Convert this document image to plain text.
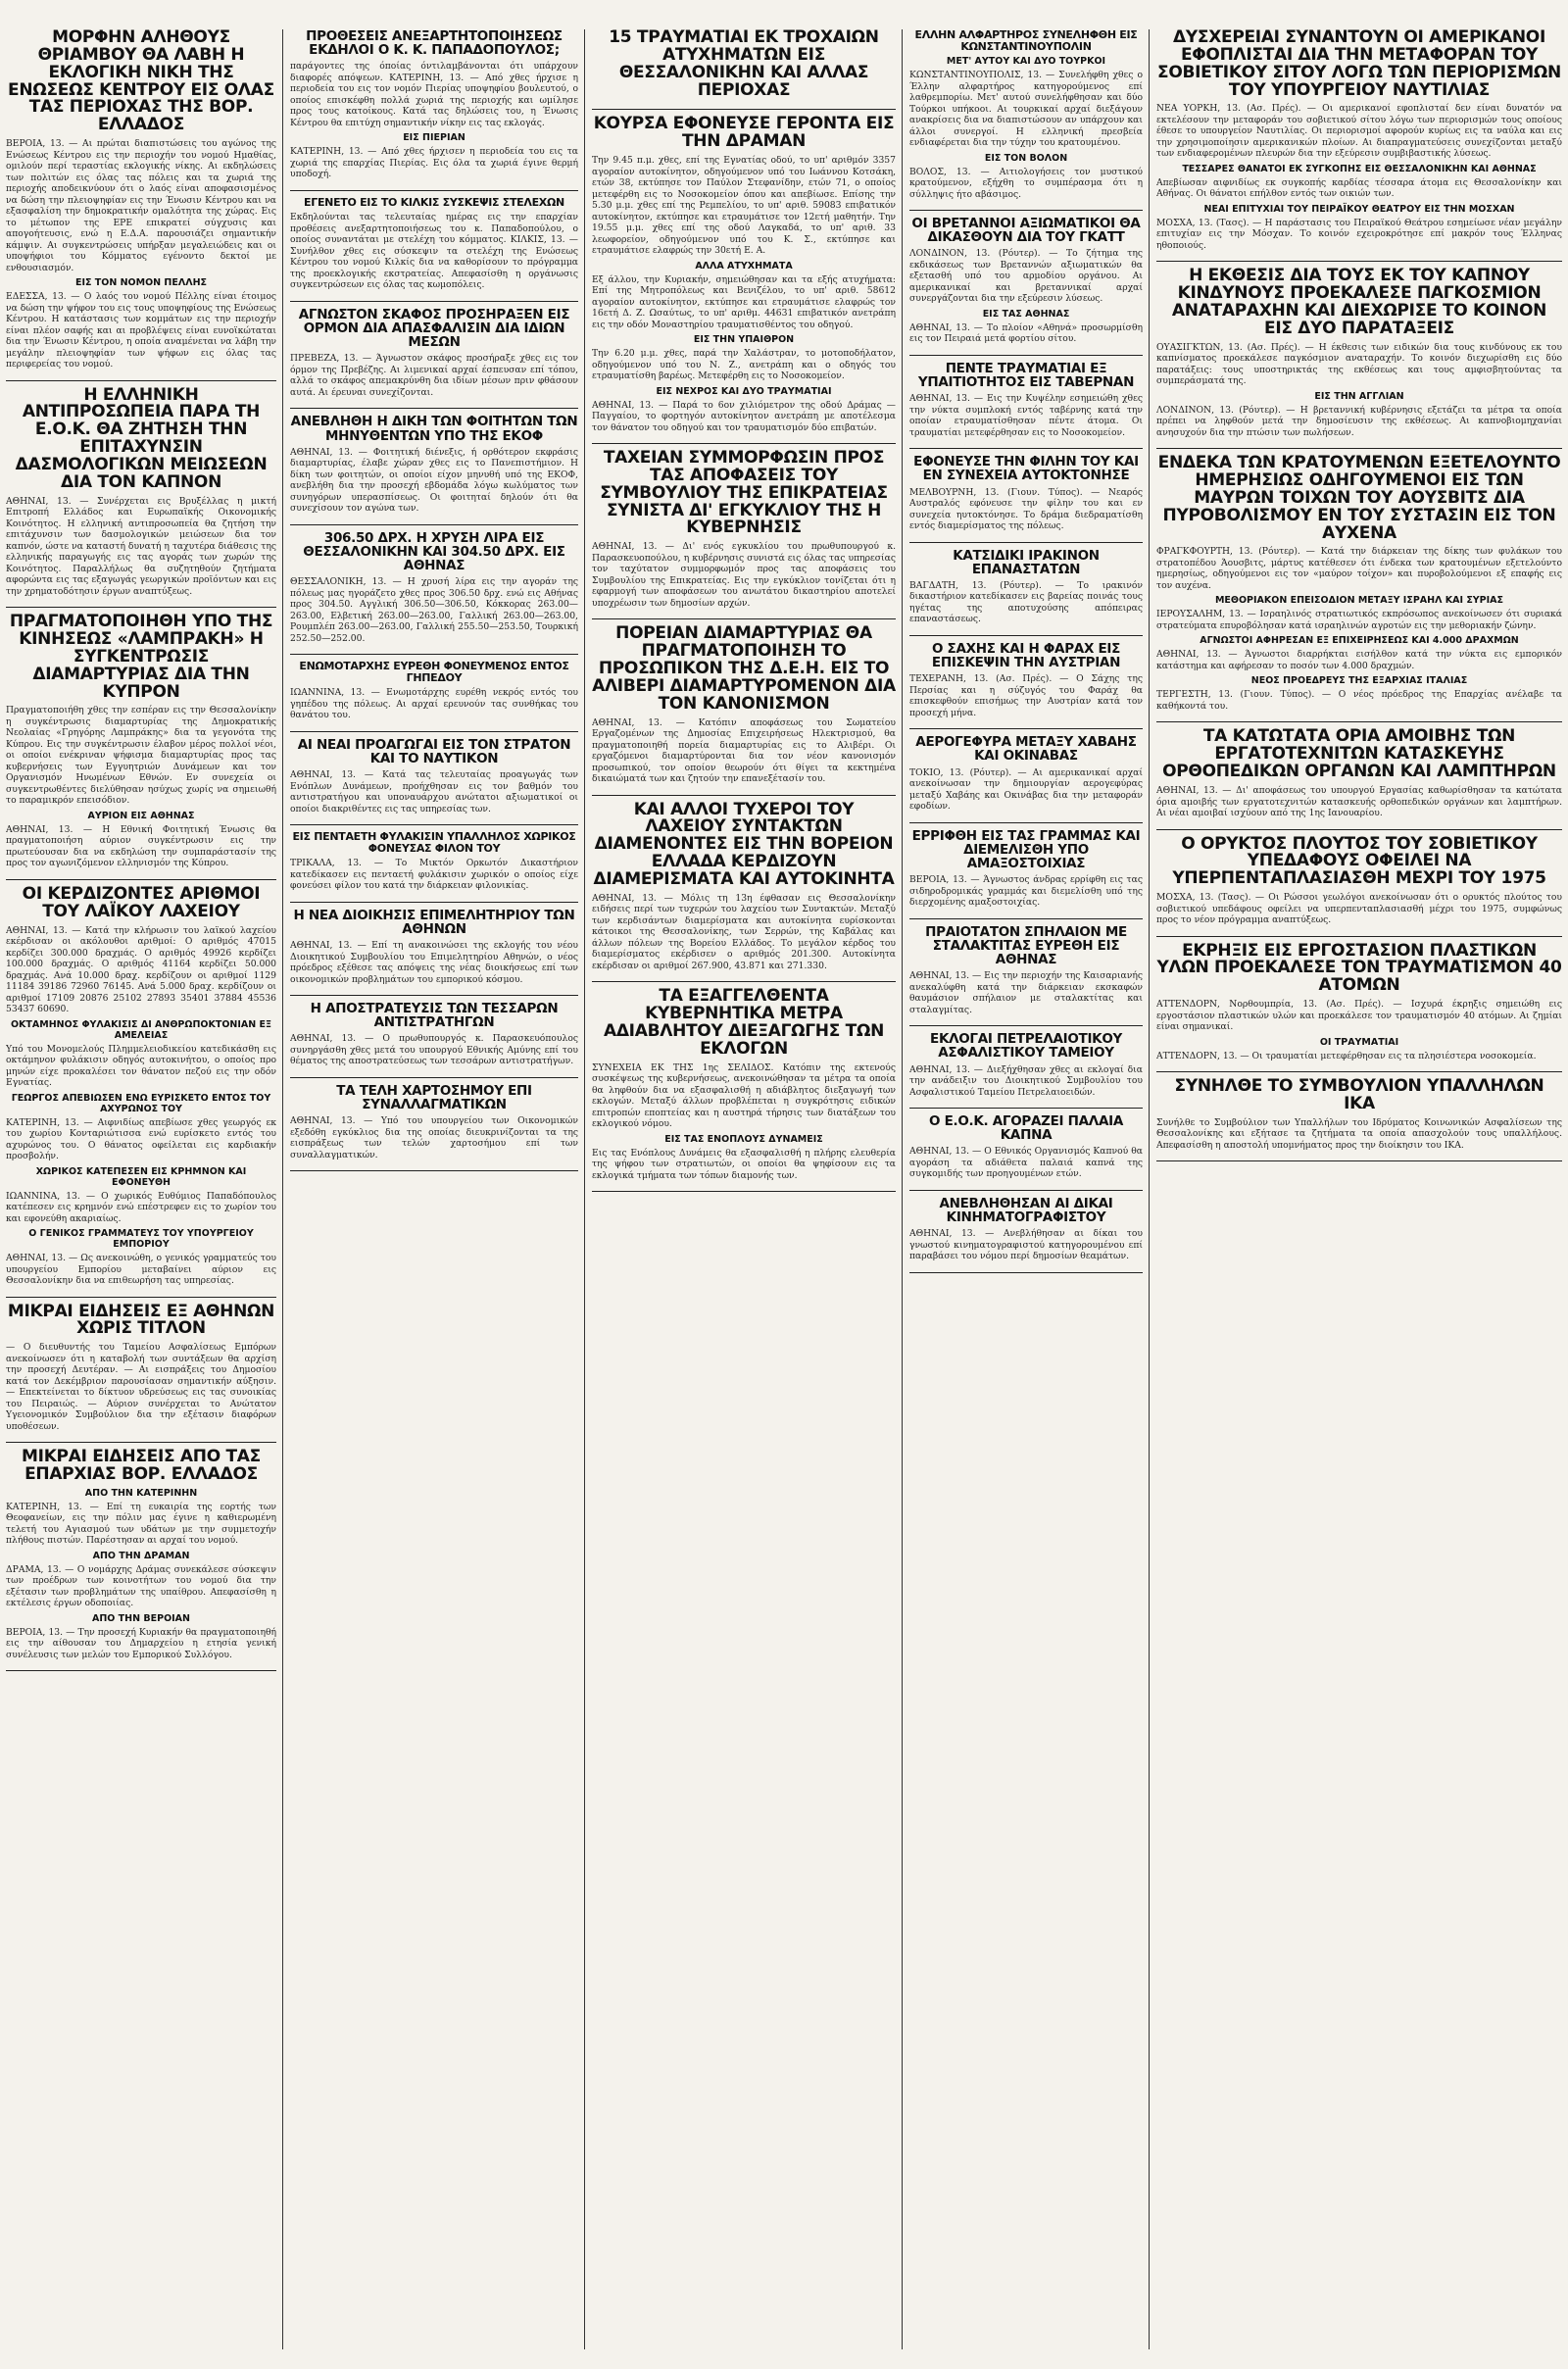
ΜΟΡΦΗΝ ΑΛΗΘΟΥΣ ΘΡΙΑΜΒΟΥ ΘΑ ΛΑΒΗ Η ΕΚΛΟΓΙΚΗ ΝΙΚΗ ΤΗΣ ΕΝΩΣΕΩΣ ΚΕΝΤΡΟΥ ΕΙΣ ΟΛΑΣ ΤΑΣ ΠΕΡΙΟΧΑΣ ΤΗΣ ΒΟΡ. ΕΛΛΑΔΟΣ

ΒΕΡΟΙΑ, 13. — Αι πρώται διαπιστώσεις του αγώνος της Ενώσεως Κέντρου εις την περιοχήν του νομού Ημαθίας, ομιλούν περί τεραστίας εκλογικής νίκης. Αι εκδηλώσεις των πολιτών εις όλας τας πόλεις και τα χωριά της περιοχής αποδεικνύουν ότι ο λαός είναι αποφασισμένος να δώση την πλειοψηφίαν εις την Ένωσιν Κέντρου και να εξασφαλίση την δημοκρατικήν ομαλότητα της χώρας. Εις το μέτωπον της ΕΡΕ επικρατεί σύγχυσις και απογοήτευσις, ενώ η Ε.Δ.Α. παρουσιάζει σημαντικήν κάμψιν. Αι συγκεντρώσεις υπήρξαν μεγαλειώδεις και οι υποψήφιοι του Κόμματος εγένοντο δεκτοί με ενθουσιασμόν.

ΕΙΣ ΤΟΝ ΝΟΜΟΝ ΠΕΛΛΗΣ

ΕΔΕΣΣΑ, 13. — Ο λαός του νομού Πέλλης είναι έτοιμος να δώση την ψήφον του εις τους υποψηφίους της Ενώσεως Κέντρου. Η κατάστασις των κομμάτων εις την περιοχήν είναι πλέον σαφής και αι προβλέψεις είναι ευνοϊκώταται δια την Ένωσιν Κέντρου, η οποία αναμένεται να λάβη την μεγάλην πλειοψηφίαν των ψήφων εις όλας τας περιφερείας του νομού.

Η ΕΛΛΗΝΙΚΗ ΑΝΤΙΠΡΟΣΩΠΕΙΑ ΠΑΡΑ ΤΗ Ε.Ο.Κ. ΘΑ ΖΗΤΗΣΗ ΤΗΝ ΕΠΙΤΑΧΥΝΣΙΝ ΔΑΣΜΟΛΟΓΙΚΩΝ ΜΕΙΩΣΕΩΝ ΔΙΑ ΤΟΝ ΚΑΠΝΟΝ

ΑΘΗΝΑΙ, 13. — Συνέρχεται εις Βρυξέλλας η μικτή Επιτροπή Ελλάδος και Ευρωπαϊκής Οικονομικής Κοινότητος. Η ελληνική αντιπροσωπεία θα ζητήση την επιτάχυνσιν των δασμολογικών μειώσεων δια τον καπνόν, ώστε να καταστή δυνατή η ταχυτέρα διάθεσις της ελληνικής παραγωγής εις τας αγοράς των χωρών της Κοινότητος. Παραλλήλως θα συζητηθούν ζητήματα αφορώντα εις τας εξαγωγάς γεωργικών προϊόντων και εις την χρηματοδότησιν έργων αναπτύξεως.

ΠΡΑΓΜΑΤΟΠΟΙΗΘΗ ΥΠΟ ΤΗΣ ΚΙΝΗΣΕΩΣ «ΛΑΜΠΡΑΚΗ» Η ΣΥΓΚΕΝΤΡΩΣΙΣ ΔΙΑΜΑΡΤΥΡΙΑΣ ΔΙΑ ΤΗΝ ΚΥΠΡΟΝ

Πραγματοποιήθη χθες την εσπέραν εις την Θεσσαλονίκην η συγκέντρωσις διαμαρτυρίας της Δημοκρατικής Νεολαίας «Γρηγόρης Λαμπράκης» δια τα γεγονότα της Κύπρου. Εις την συγκέντρωσιν έλαβον μέρος πολλοί νέοι, οι οποίοι ενέκριναν ψήφισμα διαμαρτυρίας προς τας κυβερνήσεις των Εγγυητριών Δυνάμεων και τον Οργανισμόν Ηνωμένων Εθνών. Εν συνεχεία οι συγκεντρωθέντες διελύθησαν ησύχως χωρίς να σημειωθή το παραμικρόν επεισόδιον.

ΑΥΡΙΟΝ ΕΙΣ ΑΘΗΝΑΣ

ΑΘΗΝΑΙ, 13. — Η Εθνική Φοιτητική Ένωσις θα πραγματοποιήση αύριον συγκέντρωσιν εις την πρωτεύουσαν δια να εκδηλώση την συμπαράστασίν της προς τον αγωνιζόμενον ελληνισμόν της Κύπρου.

ΟΙ ΚΕΡΔΙΖΟΝΤΕΣ ΑΡΙΘΜΟΙ ΤΟΥ ΛΑΪΚΟΥ ΛΑΧΕΙΟΥ

ΑΘΗΝΑΙ, 13. — Κατά την κλήρωσιν του λαϊκού λαχείου εκέρδισαν οι ακόλουθοι αριθμοί: Ο αριθμός 47015 κερδίζει 300.000 δραχμάς. Ο αριθμός 49926 κερδίζει 100.000 δραχμάς. Ο αριθμός 41164 κερδίζει 50.000 δραχμάς. Ανά 10.000 δραχ. κερδίζουν οι αριθμοί 1129 11184 39186 72960 76145. Ανά 5.000 δραχ. κερδίζουν οι αριθμοί 17109 20876 25102 27893 35401 37884 45536 53437 60690.

ΟΚΤΑΜΗΝΟΣ ΦΥΛΑΚΙΣΙΣ ΔΙ ΑΝΘΡΩΠΟΚΤΟΝΙΑΝ ΕΞ ΑΜΕΛΕΙΑΣ

Υπό του Μονομελούς Πλημμελειοδικείου κατεδικάσθη εις οκτάμηνον φυλάκισιν οδηγός αυτοκινήτου, ο οποίος προ μηνών είχε προκαλέσει τον θάνατον πεζού εις την οδόν Εγνατίας.

ΓΕΩΡΓΟΣ ΑΠΕΒΙΩΣΕΝ ΕΝΩ ΕΥΡΙΣΚΕΤΟ ΕΝΤΟΣ ΤΟΥ ΑΧΥΡΩΝΟΣ ΤΟΥ

ΚΑΤΕΡΙΝΗ, 13. — Αιφνιδίως απεβίωσε χθες γεωργός εκ του χωρίου Κονταριώτισσα ενώ ευρίσκετο εντός του αχυρώνος του. Ο θάνατος οφείλεται εις καρδιακήν προσβολήν.

ΧΩΡΙΚΟΣ ΚΑΤΕΠΕΣΕΝ ΕΙΣ ΚΡΗΜΝΟΝ ΚΑΙ ΕΦΟΝΕΥΘΗ

ΙΩΑΝΝΙΝΑ, 13. — Ο χωρικός Ευθύμιος Παπαδόπουλος κατέπεσεν εις κρημνόν ενώ επέστρεφεν εις το χωρίον του και εφονεύθη ακαριαίως.

Ο ΓΕΝΙΚΟΣ ΓΡΑΜΜΑΤΕΥΣ ΤΟΥ ΥΠΟΥΡΓΕΙΟΥ ΕΜΠΟΡΙΟΥ

ΑΘΗΝΑΙ, 13. — Ως ανεκοινώθη, ο γενικός γραμματεύς του υπουργείου Εμπορίου μεταβαίνει αύριον εις Θεσσαλονίκην δια να επιθεωρήση τας υπηρεσίας.

ΜΙΚΡΑΙ ΕΙΔΗΣΕΙΣ ΕΞ ΑΘΗΝΩΝ ΧΩΡΙΣ ΤΙΤΛΟΝ

— Ο διευθυντής του Ταμείου Ασφαλίσεως Εμπόρων ανεκοίνωσεν ότι η καταβολή των συντάξεων θα αρχίση την προσεχή Δευτέραν. — Αι εισπράξεις του Δημοσίου κατά τον Δεκέμβριον παρουσίασαν σημαντικήν αύξησιν. — Επεκτείνεται το δίκτυον υδρεύσεως εις τας συνοικίας του Πειραιώς. — Αύριον συνέρχεται το Ανώτατον Υγειονομικόν Συμβούλιον δια την εξέτασιν διαφόρων υποθέσεων.

ΜΙΚΡΑΙ ΕΙΔΗΣΕΙΣ ΑΠΟ ΤΑΣ ΕΠΑΡΧΙΑΣ ΒΟΡ. ΕΛΛΑΔΟΣ
ΑΠΟ ΤΗΝ ΚΑΤΕΡΙΝΗΝ

ΚΑΤΕΡΙΝΗ, 13. — Επί τη ευκαιρία της εορτής των Θεοφανείων, εις την πόλιν μας έγινε η καθιερωμένη τελετή του Αγιασμού των υδάτων με την συμμετοχήν πλήθους πιστών. Παρέστησαν αι αρχαί του νομού.

ΑΠΟ ΤΗΝ ΔΡΑΜΑΝ

ΔΡΑΜΑ, 13. — Ο νομάρχης Δράμας συνεκάλεσε σύσκεψιν των προέδρων των κοινοτήτων του νομού δια την εξέτασιν των προβλημάτων της υπαίθρου. Απεφασίσθη η εκτέλεσις έργων οδοποιίας.

ΑΠΟ ΤΗΝ ΒΕΡΟΙΑΝ

ΒΕΡΟΙΑ, 13. — Την προσεχή Κυριακήν θα πραγματοποιηθή εις την αίθουσαν του Δημαρχείου η ετησία γενική συνέλευσις των μελών του Εμπορικού Συλλόγου.

ΠΡΟΘΕΣΕΙΣ ΑΝΕΞΑΡΤΗΤΟΠΟΙΗΣΕΩΣ ΕΚΔΗΛΟΙ Ο Κ. Κ. ΠΑΠΑΔΟΠΟΥΛΟΣ;

παράγοντες της όποίας όντιλαμβάνονται ότι υπάρχουν διαφορές απόψεων. ΚΑΤΕΡΙΝΗ, 13. — Από χθες ήρχισε η περιοδεία του εις τον νομόν Πιερίας υποψηφίου βουλευτού, ο οποίος επισκέφθη πολλά χωριά της περιοχής και ωμίλησε προς τους κατοίκους. Κατά τας δηλώσεις του, η Ένωσις Κέντρου θα επιτύχη σημαντικήν νίκην εις τας εκλογάς.

ΕΙΣ ΠΙΕΡΙΑΝ

ΚΑΤΕΡΙΝΗ, 13. — Από χθες ήρχισεν η περιοδεία του εις τα χωριά της επαρχίας Πιερίας. Εις όλα τα χωριά έγινε θερμή υποδοχή.

ΕΓΕΝΕΤΟ ΕΙΣ ΤΟ ΚΙΛΚΙΣ ΣΥΣΚΕΨΙΣ ΣΤΕΛΕΧΩΝ

Εκδηλούνται τας τελευταίας ημέρας εις την επαρχίαν προθέσεις ανεξαρτητοποιήσεως του κ. Παπαδοπούλου, ο οποίος συναντάται με στελέχη του κόμματος. ΚΙΛΚΙΣ, 13. — Συνήλθον χθες εις σύσκεψιν τα στελέχη της Ενώσεως Κέντρου του νομού Κιλκίς δια να καθορίσουν το πρόγραμμα της προεκλογικής εκστρατείας. Απεφασίσθη η οργάνωσις συγκεντρώσεων εις όλας τας κωμοπόλεις.

ΑΓΝΩΣΤΟΝ ΣΚΑΦΟΣ ΠΡΟΣΗΡΑΞΕΝ ΕΙΣ ΟΡΜΟΝ ΔΙΑ ΑΠΑΣΦΑΛΙΣΙΝ ΔΙΑ ΙΔΙΩΝ ΜΕΣΩΝ

ΠΡΕΒΕΖΑ, 13. — Άγνωστον σκάφος προσήραξε χθες εις τον όρμον της Πρεβέζης. Αι λιμενικαί αρχαί έσπευσαν επί τόπου, αλλά το σκάφος απεμακρύνθη δια ιδίων μέσων πριν φθάσουν αυτά. Αι έρευναι συνεχίζονται.

ΑΝΕΒΛΗΘΗ Η ΔΙΚΗ ΤΩΝ ΦΟΙΤΗΤΩΝ ΤΩΝ ΜΗΝΥΘΕΝΤΩΝ ΥΠΟ ΤΗΣ ΕΚΟΦ

ΑΘΗΝΑΙ, 13. — Φοιτητική διένεξις, ή ορθότερον εκφράσις διαμαρτυρίας, έλαβε χώραν χθες εις το Πανεπιστήμιον. Η δίκη των φοιτητών, οι οποίοι είχον μηνυθή υπό της ΕΚΟΦ, ανεβλήθη δια την προσεχή εβδομάδα λόγω κωλύματος των συνηγόρων υπερασπίσεως. Οι φοιτηταί δηλούν ότι θα συνεχίσουν τον αγώνα των.

306.50 ΔΡΧ. Η ΧΡΥΣΗ ΛΙΡΑ ΕΙΣ ΘΕΣΣΑΛΟΝΙΚΗΝ ΚΑΙ 304.50 ΔΡΧ. ΕΙΣ ΑΘΗΝΑΣ

ΘΕΣΣΑΛΟΝΙΚΗ, 13. — Η χρυσή λίρα εις την αγοράν της πόλεως μας ηγοράζετο χθες προς 306.50 δρχ. ενώ εις Αθήνας προς 304.50. Αγγλική 306.50—306.50, Κόκκορας 263.00—263.00, Ελβετική 263.00—263.00, Γαλλική 263.00—263.00, Ρουμπλέπ 263.00—263.00, Γαλλική 255.50—253.50, Τουρκική 252.50—252.00.

ΕΝΩΜΟΤΑΡΧΗΣ ΕΥΡΕΘΗ ΦΟΝΕΥΜΕΝΟΣ ΕΝΤΟΣ ΓΗΠΕΔΟΥ

ΙΩΑΝΝΙΝΑ, 13. — Ενωμοτάρχης ευρέθη νεκρός εντός του γηπέδου της πόλεως. Αι αρχαί ερευνούν τας συνθήκας του θανάτου του.

ΑΙ ΝΕΑΙ ΠΡΟΑΓΩΓΑΙ ΕΙΣ ΤΟΝ ΣΤΡΑΤΟΝ ΚΑΙ ΤΟ ΝΑΥΤΙΚΟΝ

ΑΘΗΝΑΙ, 13. — Κατά τας τελευταίας προαγωγάς των Ενόπλων Δυνάμεων, προήχθησαν εις τον βαθμόν του αντιστρατήγου και υποναυάρχου ανώτατοι αξιωματικοί οι οποίοι διακριθέντες εις τας υπηρεσίας των.

ΕΙΣ ΠΕΝΤΑΕΤΗ ΦΥΛΑΚΙΣΙΝ ΥΠΑΛΛΗΛΟΣ ΧΩΡΙΚΟΣ ΦΟΝΕΥΣΑΣ ΦΙΛΟΝ ΤΟΥ

ΤΡΙΚΑΛΑ, 13. — Το Μικτόν Ορκωτόν Δικαστήριον κατεδίκασεν εις πενταετή φυλάκισιν χωρικόν ο οποίος είχε φονεύσει φίλον του κατά την διάρκειαν φιλονικίας.

Η ΝΕΑ ΔΙΟΙΚΗΣΙΣ ΕΠΙΜΕΛΗΤΗΡΙΟΥ ΤΩΝ ΑΘΗΝΩΝ

ΑΘΗΝΑΙ, 13. — Επί τη ανακοινώσει της εκλογής του νέου Διοικητικού Συμβουλίου του Επιμελητηρίου Αθηνών, ο νέος πρόεδρος εξέθεσε τας απόψεις της νέας διοικήσεως επί των οικονομικών προβλημάτων του εμπορικού κόσμου.

Η ΑΠΟΣΤΡΑΤΕΥΣΙΣ ΤΩΝ ΤΕΣΣΑΡΩΝ ΑΝΤΙΣΤΡΑΤΗΓΩΝ

ΑΘΗΝΑΙ, 13. — Ο πρωθυπουργός κ. Παρασκευόπουλος συνηργάσθη χθες μετά του υπουργού Εθνικής Αμύνης επί του θέματος της αποστρατεύσεως των τεσσάρων αντιστρατήγων.

ΤΑ ΤΕΛΗ ΧΑΡΤΟΣΗΜΟΥ ΕΠΙ ΣΥΝΑΛΛΑΓΜΑΤΙΚΩΝ

ΑΘΗΝΑΙ, 13. — Υπό του υπουργείου των Οικονομικών εξεδόθη εγκύκλιος δια της οποίας διευκρινίζονται τα της εισπράξεως των τελών χαρτοσήμου επί των συναλλαγματικών.

15 ΤΡΑΥΜΑΤΙΑΙ ΕΚ ΤΡΟΧΑΙΩΝ ΑΤΥΧΗΜΑΤΩΝ ΕΙΣ ΘΕΣΣΑΛΟΝΙΚΗΝ ΚΑΙ ΑΛΛΑΣ ΠΕΡΙΟΧΑΣ
ΚΟΥΡΣΑ ΕΦΟΝΕΥΣΕ ΓΕΡΟΝΤΑ ΕΙΣ ΤΗΝ ΔΡΑΜΑΝ

Την 9.45 π.μ. χθες, επί της Εγνατίας οδού, το υπ' αριθμόν 3357 αγοραίον αυτοκίνητον, οδηγούμενον υπό του Ιωάννου Κοτσάκη, ετών 38, εκτύπησε τον Παύλον Στεφανίδην, ετών 71, ο οποίος μετεφέρθη εις το Νοσοκομείον όπου και απεβίωσε. Επίσης την 5.30 μ.μ. χθες επί της Ρεμπελίου, το υπ' αριθ. 59083 επιβατικόν αυτοκίνητον, εκτύπησε και ετραυμάτισε τον 12ετή μαθητήν. Την 19.55 μ.μ. χθες επί της οδού Λαγκαδά, το υπ' αριθ. 33 λεωφορείον, οδηγούμενον υπό του Κ. Σ., εκτύπησε και ετραυμάτισε ελαφρώς την 30ετή Ε. Α.

ΑΛΛΑ ΑΤΥΧΗΜΑΤΑ

Εξ άλλου, την Κυριακήν, σημειώθησαν και τα εξής ατυχήματα: Επί της Μητροπόλεως και Βενιζέλου, το υπ' αριθ. 58612 αγοραίον αυτοκίνητον, εκτύπησε και ετραυμάτισε ελαφρώς τον 16ετή Δ. Ζ. Ωσαύτως, το υπ' αριθμ. 44631 επιβατικόν ανετράπη εις την οδόν Μοναστηρίου τραυματισθέντος του οδηγού.

ΕΙΣ ΤΗΝ ΥΠΑΙΘΡΟΝ

Την 6.20 μ.μ. χθες, παρά την Χαλάστραν, το μοτοποδήλατον, οδηγούμενον υπό του Ν. Ζ., ανετράπη και ο οδηγός του ετραυματίσθη βαρέως. Μετεφέρθη εις το Νοσοκομείον.

ΕΙΣ ΝΕΧΡΟΣ ΚΑΙ ΔΥΟ ΤΡΑΥΜΑΤΙΑΙ

ΑΘΗΝΑΙ, 13. — Παρά το 6ον χιλιόμετρον της οδού Δράμας — Παγγαίου, το φορτηγόν αυτοκίνητον ανετράπη με αποτέλεσμα τον θάνατον του οδηγού και τον τραυματισμόν δύο επιβατών.

ΤΑΧΕΙΑΝ ΣΥΜΜΟΡΦΩΣΙΝ ΠΡΟΣ ΤΑΣ ΑΠΟΦΑΣΕΙΣ ΤΟΥ ΣΥΜΒΟΥΛΙΟΥ ΤΗΣ ΕΠΙΚΡΑΤΕΙΑΣ ΣΥΝΙΣΤΑ ΔΙ' ΕΓΚΥΚΛΙΟΥ ΤΗΣ Η ΚΥΒΕΡΝΗΣΙΣ

ΑΘΗΝΑΙ, 13. — Δι' ενός εγκυκλίου του πρωθυπουργού κ. Παρασκευοπούλου, η κυβέρνησις συνιστά εις όλας τας υπηρεσίας τον ταχύτατον συμμορφωμόν προς τας αποφάσεις του Συμβουλίου της Επικρατείας. Εις την εγκύκλιον τονίζεται ότι η εφαρμογή των αποφάσεων του ανωτάτου δικαστηρίου αποτελεί υποχρέωσιν των δημοσίων αρχών.

ΠΟΡΕΙΑΝ ΔΙΑΜΑΡΤΥΡΙΑΣ ΘΑ ΠΡΑΓΜΑΤΟΠΟΙΗΣΗ ΤΟ ΠΡΟΣΩΠΙΚΟΝ ΤΗΣ Δ.Ε.Η. ΕΙΣ ΤΟ ΑΛΙΒΕΡΙ ΔΙΑΜΑΡΤΥΡΟΜΕΝΟΝ ΔΙΑ ΤΟΝ ΚΑΝΟΝΙΣΜΟΝ

ΑΘΗΝΑΙ, 13. — Κατόπιν αποφάσεως του Σωματείου Εργαζομένων της Δημοσίας Επιχειρήσεως Ηλεκτρισμού, θα πραγματοποιηθή πορεία διαμαρτυρίας εις το Αλιβέρι. Οι εργαζόμενοι διαμαρτύρονται δια τον νέον κανονισμόν προσωπικού, τον οποίον θεωρούν ότι θίγει τα κεκτημένα δικαιώματά των και ζητούν την επανεξέτασίν του.

ΚΑΙ ΑΛΛΟΙ ΤΥΧΕΡΟΙ ΤΟΥ ΛΑΧΕΙΟΥ ΣΥΝΤΑΚΤΩΝ ΔΙΑΜΕΝΟΝΤΕΣ ΕΙΣ ΤΗΝ ΒΟΡΕΙΟΝ ΕΛΛΑΔΑ ΚΕΡΔΙΖΟΥΝ ΔΙΑΜΕΡΙΣΜΑΤΑ ΚΑΙ ΑΥΤΟΚΙΝΗΤΑ

ΑΘΗΝΑΙ, 13. — Μόλις τη 13η έφθασαν εις Θεσσαλονίκην ειδήσεις περί των τυχερών του λαχείου των Συντακτών. Μεταξύ των κερδισάντων διαμερίσματα και αυτοκίνητα ευρίσκονται κάτοικοι της Θεσσαλονίκης, των Σερρών, της Καβάλας και άλλων πόλεων της Βορείου Ελλάδος. Το μεγάλον κέρδος του διαμερίσματος εκέρδισεν ο αριθμός 201.300. Αυτοκίνητα εκέρδισαν οι αριθμοί 267.900, 43.871 και 271.330.

ΤΑ ΕΞΑΓΓΕΛΘΕΝΤΑ ΚΥΒΕΡΝΗΤΙΚΑ ΜΕΤΡΑ ΑΔΙΑΒΛΗΤΟΥ ΔΙΕΞΑΓΩΓΗΣ ΤΩΝ ΕΚΛΟΓΩΝ

ΣΥΝΕΧΕΙΑ ΕΚ ΤΗΣ 1ης ΣΕΛΙΔΟΣ. Κατόπιν της εκτενούς συσκέψεως της κυβερνήσεως, ανεκοινώθησαν τα μέτρα τα οποία θα ληφθούν δια να εξασφαλισθή η αδιάβλητος διεξαγωγή των εκλογών. Μεταξύ άλλων προβλέπεται η συγκρότησις ειδικών επιτροπών εποπτείας και η αυστηρά τήρησις των διατάξεων του εκλογικού νόμου.

ΕΙΣ ΤΑΣ ΕΝΟΠΛΟΥΣ ΔΥΝΑΜΕΙΣ

Εις τας Ενόπλους Δυνάμεις θα εξασφαλισθή η πλήρης ελευθερία της ψήφου των στρατιωτών, οι οποίοι θα ψηφίσουν εις τα εκλογικά τμήματα των τόπων διαμονής των.

ΕΛΛΗΝ ΑΛΦΑΡΤΗΡΟΣ ΣΥΝΕΛΗΦΘΗ ΕΙΣ ΚΩΝΣΤΑΝΤΙΝΟΥΠΟΛΙΝ
ΜΕΤ' ΑΥΤΟΥ ΚΑΙ ΔΥΟ ΤΟΥΡΚΟΙ

ΚΩΝΣΤΑΝΤΙΝΟΥΠΟΛΙΣ, 13. — Συνελήφθη χθες ο Έλλην αλφαρτήρος κατηγορούμενος επί λαθρεμπορίω. Μετ' αυτού συνελήφθησαν και δύο Τούρκοι υπήκοοι. Αι τουρκικαί αρχαί διεξάγουν ανακρίσεις δια να διαπιστώσουν αν υπάρχουν και άλλοι συνεργοί. Η ελληνική πρεσβεία ενδιαφέρεται δια την τύχην του κρατουμένου.

ΕΙΣ ΤΟΝ ΒΟΛΟΝ

ΒΟΛΟΣ, 13. — Αιτιολογήσεις τον μυστικού κρατούμενον, εξήχθη το συμπέρασμα ότι η σύλληψις ήτο αβάσιμος.

ΟΙ ΒΡΕΤΑΝΝΟΙ ΑΞΙΩΜΑΤΙΚΟΙ ΘΑ ΔΙΚΑΣΘΟΥΝ ΔΙΑ ΤΟΥ ΓΚΑΤΤ

ΛΟΝΔΙΝΟΝ, 13. (Ρόυτερ). — Το ζήτημα της εκδικάσεως των Βρεταννών αξιωματικών θα εξετασθή υπό του αρμοδίου οργάνου. Αι αμερικανικαί και βρεταννικαί αρχαί συνεργάζονται δια την εξεύρεσιν λύσεως.

ΕΙΣ ΤΑΣ ΑΘΗΝΑΣ

ΑΘΗΝΑΙ, 13. — Το πλοίον «Αθηνά» προσωρμίσθη εις τον Πειραιά μετά φορτίου σίτου.

ΠΕΝΤΕ ΤΡΑΥΜΑΤΙΑΙ ΕΞ ΥΠΑΙΤΙΟΤΗΤΟΣ ΕΙΣ ΤΑΒΕΡΝΑΝ

ΑΘΗΝΑΙ, 13. — Εις την Κυψέλην εσημειώθη χθες την νύκτα συμπλοκή εντός ταβέρνης κατά την οποίαν ετραυματίσθησαν πέντε άτομα. Οι τραυματίαι μετεφέρθησαν εις το Νοσοκομείον.

ΕΦΟΝΕΥΣΕ ΤΗΝ ΦΙΛΗΝ ΤΟΥ ΚΑΙ ΕΝ ΣΥΝΕΧΕΙΑ ΑΥΤΟΚΤΟΝΗΣΕ

ΜΕΛΒΟΥΡΝΗ, 13. (Γιουν. Τύπος). — Νεαρός Αυστραλός εφόνευσε την φίλην του και εν συνεχεία ηυτοκτόνησε. Το δράμα διεδραματίσθη εντός διαμερίσματος της πόλεως.

ΚΑΤΣΙΔΙΚΙ ΙΡΑΚΙΝΟΝ ΕΠΑΝΑΣΤΑΤΩΝ

ΒΑΓΔΑΤΗ, 13. (Ρόυτερ). — Το ιρακινόν δικαστήριον κατεδίκασεν εις βαρείας ποινάς τους ηγέτας της αποτυχούσης απόπειρας επαναστάσεως.

Ο ΣΑΧΗΣ ΚΑΙ Η ΦΑΡΑΧ ΕΙΣ ΕΠΙΣΚΕΨΙΝ ΤΗΝ ΑΥΣΤΡΙΑΝ

ΤΕΧΕΡΑΝΗ, 13. (Ασ. Πρές). — Ο Σάχης της Περσίας και η σύζυγός του Φαράχ θα επισκεφθούν επισήμως την Αυστρίαν κατά τον προσεχή μήνα.

ΑΕΡΟΓΕΦΥΡΑ ΜΕΤΑΞΥ ΧΑΒΑΗΣ ΚΑΙ ΟΚΙΝΑΒΑΣ

ΤΟΚΙΟ, 13. (Ρόυτερ). — Αι αμερικανικαί αρχαί ανεκοίνωσαν την δημιουργίαν αερογεφύρας μεταξύ Χαβάης και Οκινάβας δια την μεταφοράν εφοδίων.

ΕΡΡΙΦΘΗ ΕΙΣ ΤΑΣ ΓΡΑΜΜΑΣ ΚΑΙ ΔΙΕΜΕΛΙΣΘΗ ΥΠΟ ΑΜΑΞΟΣΤΟΙΧΙΑΣ

ΒΕΡΟΙΑ, 13. — Άγνωστος άνδρας ερρίφθη εις τας σιδηροδρομικάς γραμμάς και διεμελίσθη υπό της διερχομένης αμαξοστοιχίας.

ΠΡΑΙΟΤΑΤΟΝ ΣΠΗΛΑΙΟΝ ΜΕ ΣΤΑΛΑΚΤΙΤΑΣ ΕΥΡΕΘΗ ΕΙΣ ΑΘΗΝΑΣ

ΑΘΗΝΑΙ, 13. — Εις την περιοχήν της Καισαριανής ανεκαλύφθη κατά την διάρκειαν εκσκαφών θαυμάσιον σπήλαιον με σταλακτίτας και σταλαγμίτας.

ΕΚΛΟΓΑΙ ΠΕΤΡΕΛΑΙΟΤΙΚΟΥ ΑΣΦΑΛΙΣΤΙΚΟΥ ΤΑΜΕΙΟΥ

ΑΘΗΝΑΙ, 13. — Διεξήχθησαν χθες αι εκλογαί δια την ανάδειξιν του Διοικητικού Συμβουλίου του Ασφαλιστικού Ταμείου Πετρελαιοειδών.

Ο Ε.Ο.Κ. ΑΓΟΡΑΖΕΙ ΠΑΛΑΙΑ ΚΑΠΝΑ

ΑΘΗΝΑΙ, 13. — Ο Εθνικός Οργανισμός Καπνού θα αγοράση τα αδιάθετα παλαιά καπνά της συγκομιδής των προηγουμένων ετών.

ΑΝΕΒΛΗΘΗΣΑΝ ΑΙ ΔΙΚΑΙ ΚΙΝΗΜΑΤΟΓΡΑΦΙΣΤΟΥ

ΑΘΗΝΑΙ, 13. — Ανεβλήθησαν αι δίκαι του γνωστού κινηματογραφιστού κατηγορουμένου επί παραβάσει του νόμου περί δημοσίων θεαμάτων.

ΔΥΣΧΕΡΕΙΑΙ ΣΥΝΑΝΤΟΥΝ ΟΙ ΑΜΕΡΙΚΑΝΟΙ ΕΦΟΠΛΙΣΤΑΙ ΔΙΑ ΤΗΝ ΜΕΤΑΦΟΡΑΝ ΤΟΥ ΣΟΒΙΕΤΙΚΟΥ ΣΙΤΟΥ ΛΟΓΩ ΤΩΝ ΠΕΡΙΟΡΙΣΜΩΝ ΤΟΥ ΥΠΟΥΡΓΕΙΟΥ ΝΑΥΤΙΛΙΑΣ

ΝΕΑ ΥΟΡΚΗ, 13. (Ασ. Πρές). — Οι αμερικανοί εφοπλισταί δεν είναι δυνατόν να εκτελέσουν την μεταφοράν του σοβιετικού σίτου λόγω των περιορισμών τους οποίους έθεσε το υπουργείον Ναυτιλίας. Οι περιορισμοί αφορούν κυρίως εις τα ναύλα και εις την χρησιμοποίησιν αμερικανικών πλοίων. Αι διαπραγματεύσεις συνεχίζονται μεταξύ των ενδιαφερομένων πλευρών δια την εξεύρεσιν συμβιβαστικής λύσεως.

ΤΕΣΣΑΡΕΣ ΘΑΝΑΤΟΙ ΕΚ ΣΥΓΚΟΠΗΣ ΕΙΣ ΘΕΣΣΑΛΟΝΙΚΗΝ ΚΑΙ ΑΘΗΝΑΣ

Απεβίωσαν αιφνιδίως εκ συγκοπής καρδίας τέσσαρα άτομα εις Θεσσαλονίκην και Αθήνας. Οι θάνατοι επήλθον εντός των οικιών των.

ΝΕΑΙ ΕΠΙΤΥΧΙΑΙ ΤΟΥ ΠΕΙΡΑΪΚΟΥ ΘΕΑΤΡΟΥ ΕΙΣ ΤΗΝ ΜΟΣΧΑΝ

ΜΟΣΧΑ, 13. (Τασς). — Η παράστασις του Πειραϊκού Θεάτρου εσημείωσε νέαν μεγάλην επιτυχίαν εις την Μόσχαν. Το κοινόν εχειροκρότησε επί μακρόν τους Έλληνας ηθοποιούς.

Η ΕΚΘΕΣΙΣ ΔΙΑ ΤΟΥΣ ΕΚ ΤΟΥ ΚΑΠΝΟΥ ΚΙΝΔΥΝΟΥΣ ΠΡΟΕΚΑΛΕΣΕ ΠΑΓΚΟΣΜΙΟΝ ΑΝΑΤΑΡΑΧΗΝ ΚΑΙ ΔΙΕΧΩΡΙΣΕ ΤΟ ΚΟΙΝΟΝ ΕΙΣ ΔΥΟ ΠΑΡΑΤΑΞΕΙΣ

ΟΥΑΣΙΓΚΤΩΝ, 13. (Ασ. Πρές). — Η έκθεσις των ειδικών δια τους κινδύνους εκ του καπνίσματος προεκάλεσε παγκόσμιον αναταραχήν. Το κοινόν διεχωρίσθη εις δύο παρατάξεις: τους υποστηρικτάς της εκθέσεως και τους αμφισβητούντας τα συμπεράσματά της.

ΕΙΣ ΤΗΝ ΑΓΓΛΙΑΝ

ΛΟΝΔΙΝΟΝ, 13. (Ρόυτερ). — Η βρεταννική κυβέρνησις εξετάζει τα μέτρα τα οποία πρέπει να ληφθούν μετά την δημοσίευσιν της εκθέσεως. Αι καπνοβιομηχανίαι ανησυχούν δια την πτώσιν των πωλήσεων.

ΕΝΔΕΚΑ ΤΩΝ ΚΡΑΤΟΥΜΕΝΩΝ ΕΞΕΤΕΛΟΥΝΤΟ ΗΜΕΡΗΣΙΩΣ ΟΔΗΓΟΥΜΕΝΟΙ ΕΙΣ ΤΩΝ ΜΑΥΡΩΝ ΤΟΙΧΩΝ ΤΟΥ ΑΟΥΣΒΙΤΣ ΔΙΑ ΠΥΡΟΒΟΛΙΣΜΟΥ ΕΝ ΤΟΥ ΣΥΣΤΑΣΙΝ ΕΙΣ ΤΟΝ ΑΥΧΕΝΑ

ΦΡΑΓΚΦΟΥΡΤΗ, 13. (Ρόυτερ). — Κατά την διάρκειαν της δίκης των φυλάκων του στρατοπέδου Άουσβιτς, μάρτυς κατέθεσεν ότι ένδεκα των κρατουμένων εξετελούντο ημερησίως, οδηγούμενοι εις τον «μαύρον τοίχον» και πυροβολούμενοι εξ επαφής εις τον αυχένα.

ΜΕΘΟΡΙΑΚΟΝ ΕΠΕΙΣΟΔΙΟΝ ΜΕΤΑΞΥ ΙΣΡΑΗΛ ΚΑΙ ΣΥΡΙΑΣ

ΙΕΡΟΥΣΑΛΗΜ, 13. — Ισραηλινός στρατιωτικός εκπρόσωπος ανεκοίνωσεν ότι συριακά στρατεύματα επυροβόλησαν κατά ισραηλινών αγροτών εις την μεθοριακήν ζώνην.

ΑΓΝΩΣΤΟΙ ΑΦΗΡΕΣΑΝ ΕΞ ΕΠΙΧΕΙΡΗΣΕΩΣ ΚΑΙ 4.000 ΔΡΑΧΜΩΝ

ΑΘΗΝΑΙ, 13. — Άγνωστοι διαρρήκται εισήλθον κατά την νύκτα εις εμπορικόν κατάστημα και αφήρεσαν το ποσόν των 4.000 δραχμών.

ΝΕΟΣ ΠΡΟΕΔΡΕΥΣ ΤΗΣ ΕΞΑΡΧΙΑΣ ΙΤΑΛΙΑΣ

ΤΕΡΓΕΣΤΗ, 13. (Γιουν. Τύπος). — Ο νέος πρόεδρος της Επαρχίας ανέλαβε τα καθήκοντά του.

ΤΑ ΚΑΤΩΤΑΤΑ ΟΡΙΑ ΑΜΟΙΒΗΣ ΤΩΝ ΕΡΓΑΤΟΤΕΧΝΙΤΩΝ ΚΑΤΑΣΚΕΥΗΣ ΟΡΘΟΠΕΔΙΚΩΝ ΟΡΓΑΝΩΝ ΚΑΙ ΛΑΜΠΤΗΡΩΝ

ΑΘΗΝΑΙ, 13. — Δι' αποφάσεως του υπουργού Εργασίας καθωρίσθησαν τα κατώτατα όρια αμοιβής των εργατοτεχνιτών κατασκευής ορθοπεδικών οργάνων και λαμπτήρων. Αι νέαι αμοιβαί ισχύουν από της 1ης Ιανουαρίου.

Ο ΟΡΥΚΤΟΣ ΠΛΟΥΤΟΣ ΤΟΥ ΣΟΒΙΕΤΙΚΟΥ ΥΠΕΔΑΦΟΥΣ ΟΦΕΙΛΕΙ ΝΑ ΥΠΕΡΠΕΝΤΑΠΛΑΣΙΑΣΘΗ ΜΕΧΡΙ ΤΟΥ 1975

ΜΟΣΧΑ, 13. (Τασς). — Οι Ρώσσοι γεωλόγοι ανεκοίνωσαν ότι ο ορυκτός πλούτος του σοβιετικού υπεδάφους οφείλει να υπερπενταπλασιασθή μέχρι του 1975, συμφώνως προς το νέον πρόγραμμα αναπτύξεως.

ΕΚΡΗΞΙΣ ΕΙΣ ΕΡΓΟΣΤΑΣΙΟΝ ΠΛΑΣΤΙΚΩΝ ΥΛΩΝ ΠΡΟΕΚΑΛΕΣΕ ΤΟΝ ΤΡΑΥΜΑΤΙΣΜΟΝ 40 ΑΤΟΜΩΝ

ΑΤΤΕΝΔΟΡΝ, Νορθουμπρία, 13. (Ασ. Πρές). — Ισχυρά έκρηξις σημειώθη εις εργοστάσιον πλαστικών υλών και προεκάλεσε τον τραυματισμόν 40 ατόμων. Αι ζημίαι είναι σημανικαί.

ΟΙ ΤΡΑΥΜΑΤΙΑΙ

ΑΤΤΕΝΔΟΡΝ, 13. — Οι τραυματίαι μετεφέρθησαν εις τα πλησιέστερα νοσοκομεία.

ΣΥΝΗΛΘΕ ΤΟ ΣΥΜΒΟΥΛΙΟΝ ΥΠΑΛΛΗΛΩΝ ΙΚΑ

Συνήλθε το Συμβούλιον των Υπαλλήλων του Ιδρύματος Κοινωνικών Ασφαλίσεων της Θεσσαλονίκης και εξήτασε τα ζητήματα τα οποία απασχολούν τους υπαλλήλους. Απεφασίσθη η αποστολή υπομνήματος προς την διοίκησιν του ΙΚΑ.
